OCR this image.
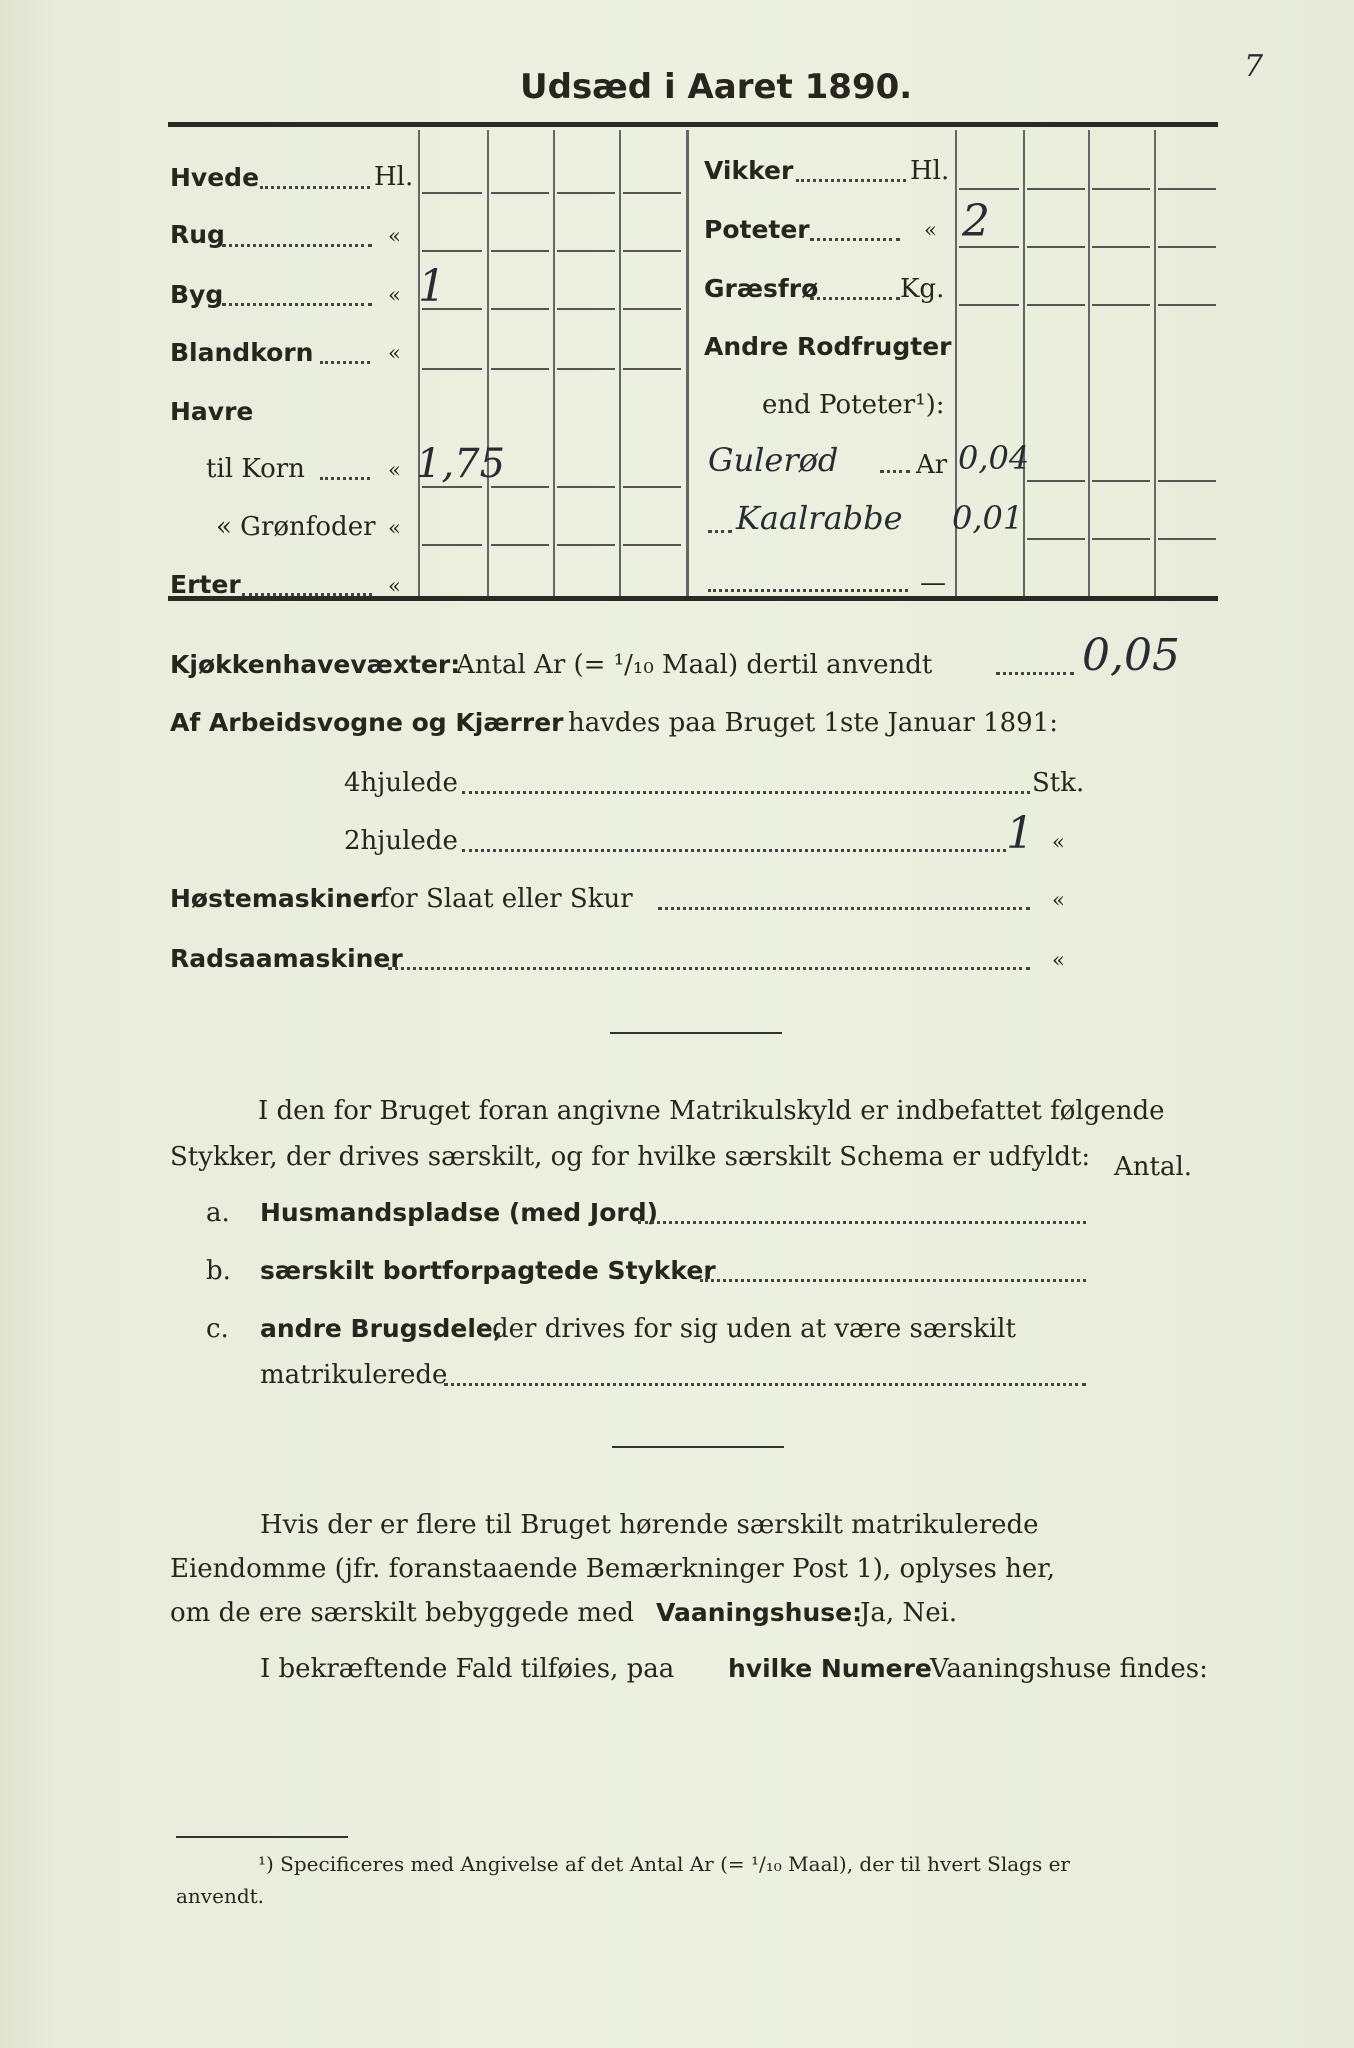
7
Udsæd i Aaret 1890.
Hvede	Hl.
Rug	«
Byg	« 1
Blandkorn	«
Havre
til Korn	« 1,75
« Grønfoder «
Erter	«
Vikker	Hl.
Poteter	« 2
Græsfrø	Kg.
Andre Rodfrugter
end Poteter¹):
Gulerød	Ar 0,04
Kaalrabbe 0,01
—
Kjøkkenhavevæxter:
Antal Ar (= ¹/₁₀ Maal) dertil anvendt	0,05
Af Arbeidsvogne og Kjærrer havdes paa Bruget 1ste Januar 1891:
4hjulede	Stk.
2hjulede	1 «
Høstemaskiner
for Slaat eller Skur	«
Radsaamaskiner	«
I den for Bruget foran angivne Matrikulskyld er indbefattet følgende
Stykker, der drives særskilt, og for hvilke særskilt Schema er udfyldt: Antal.
a. Husmandspladse (med Jord)
b. særskilt bortforpagtede Stykker
c. andre Brugsdele,
der drives for sig uden at være særskilt
matrikulerede
Hvis der er flere til Bruget hørende særskilt matrikulerede
Eiendomme (jfr. foranstaaende Bemærkninger Post 1), oplyses her,
om de ere særskilt bebyggede med Vaaningshuse:
Ja, Nei.
I bekræftende Fald tilføies, paa hvilke Numere
Vaaningshuse findes:
¹) Specificeres med Angivelse af det Antal Ar (= ¹/₁₀ Maal), der til hvert Slags er
anvendt.
